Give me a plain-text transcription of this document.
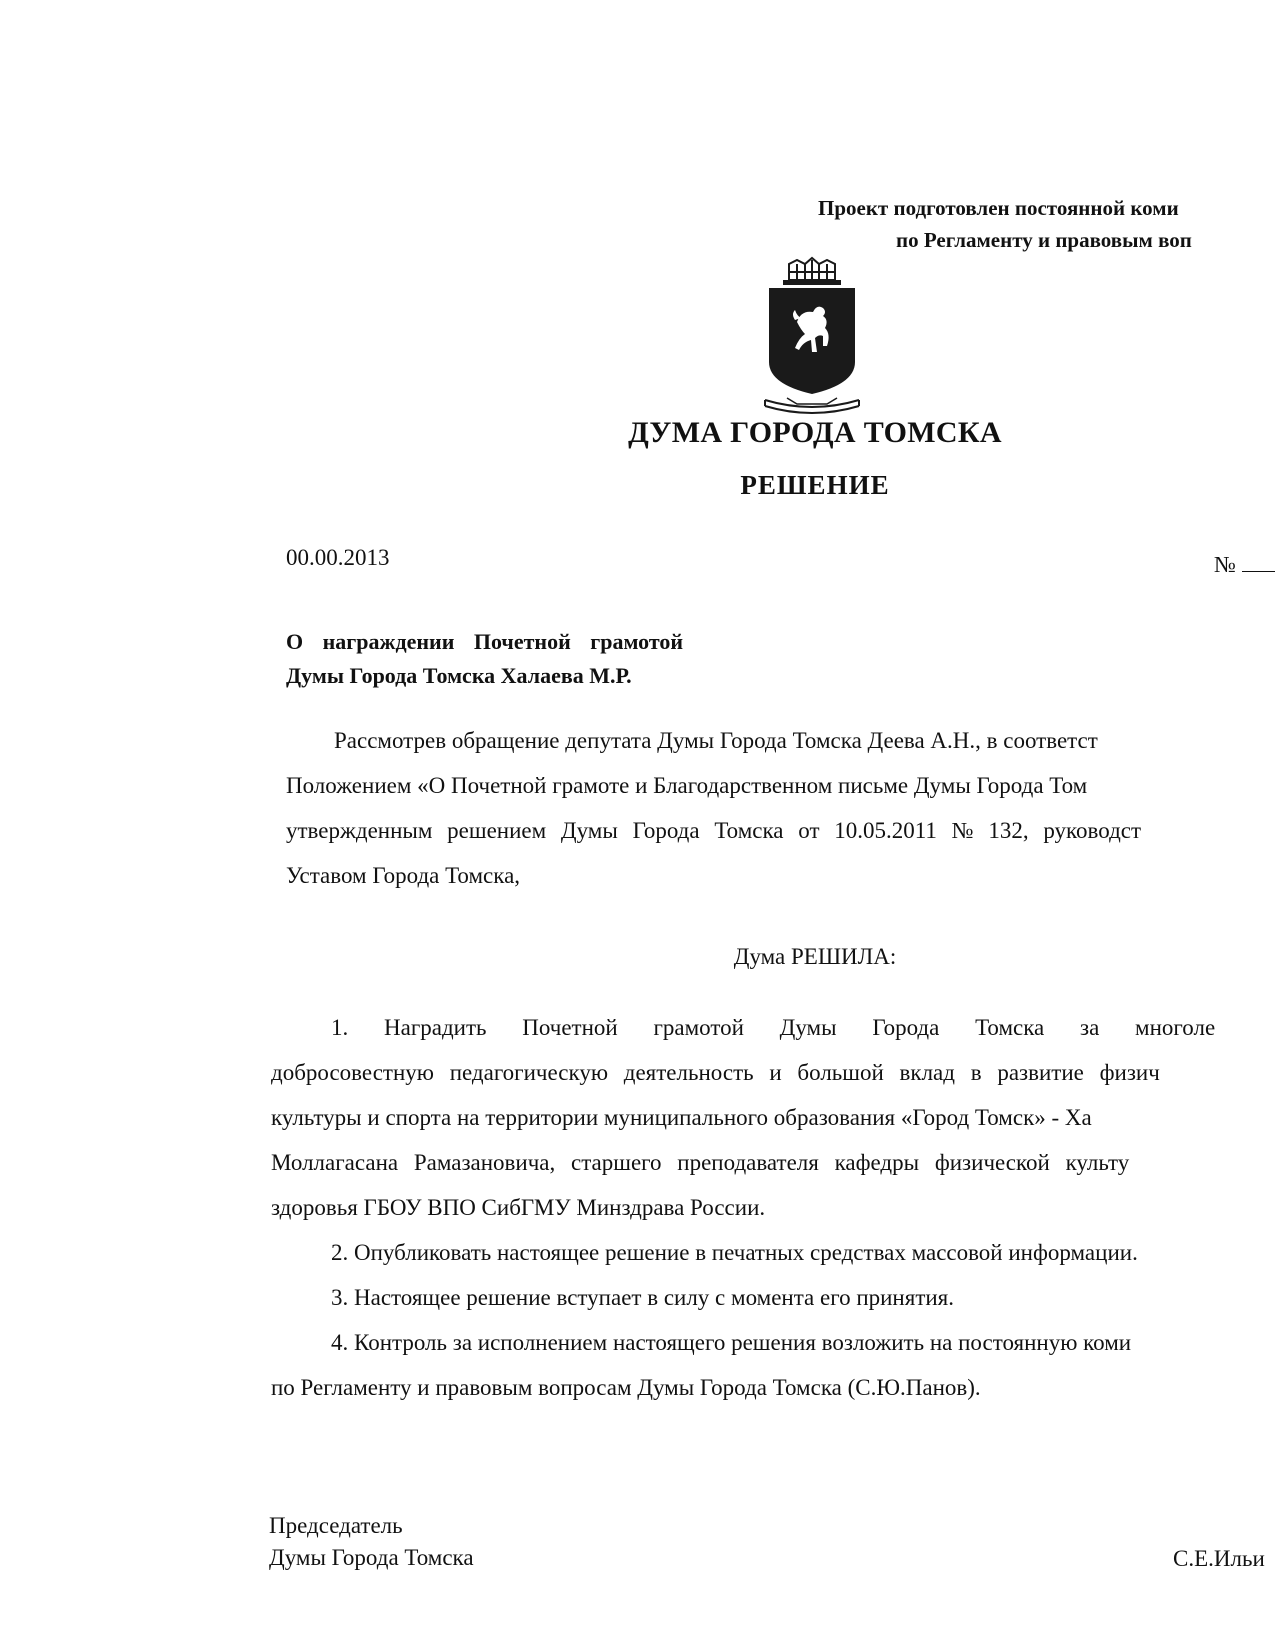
Проект подготовлен постоянной коми
по Регламенту и правовым воп
ДУМА ГОРОДА ТОМСКА
РЕШЕНИЕ
00.00.2013	№
О награждении Почетной грамотой
Думы Города Томска Халаева М.Р.
Рассмотрев обращение депутата Думы Города Томска Деева А.Н., в соответст
Положением «О Почетной грамоте и Благодарственном письме Думы Города Том
утвержденным решением Думы Города Томска от 10.05.2011 № 132, руководст
Уставом Города Томска,
Дума РЕШИЛА:
1. Наградить Почетной грамотой Думы Города Томска за многоле
добросовестную педагогическую деятельность и большой вклад в развитие физич
культуры и спорта на территории муниципального образования «Город Томск» - Ха
Моллагасана Рамазановича, старшего преподавателя кафедры физической культу
здоровья ГБОУ ВПО СибГМУ Минздрава России.
2. Опубликовать настоящее решение в печатных средствах массовой информации.
3. Настоящее решение вступает в силу с момента его принятия.
4. Контроль за исполнением настоящего решения возложить на постоянную коми
по Регламенту и правовым вопросам Думы Города Томска (С.Ю.Панов).
Председатель
Думы Города Томска	С.Е.Ильи
